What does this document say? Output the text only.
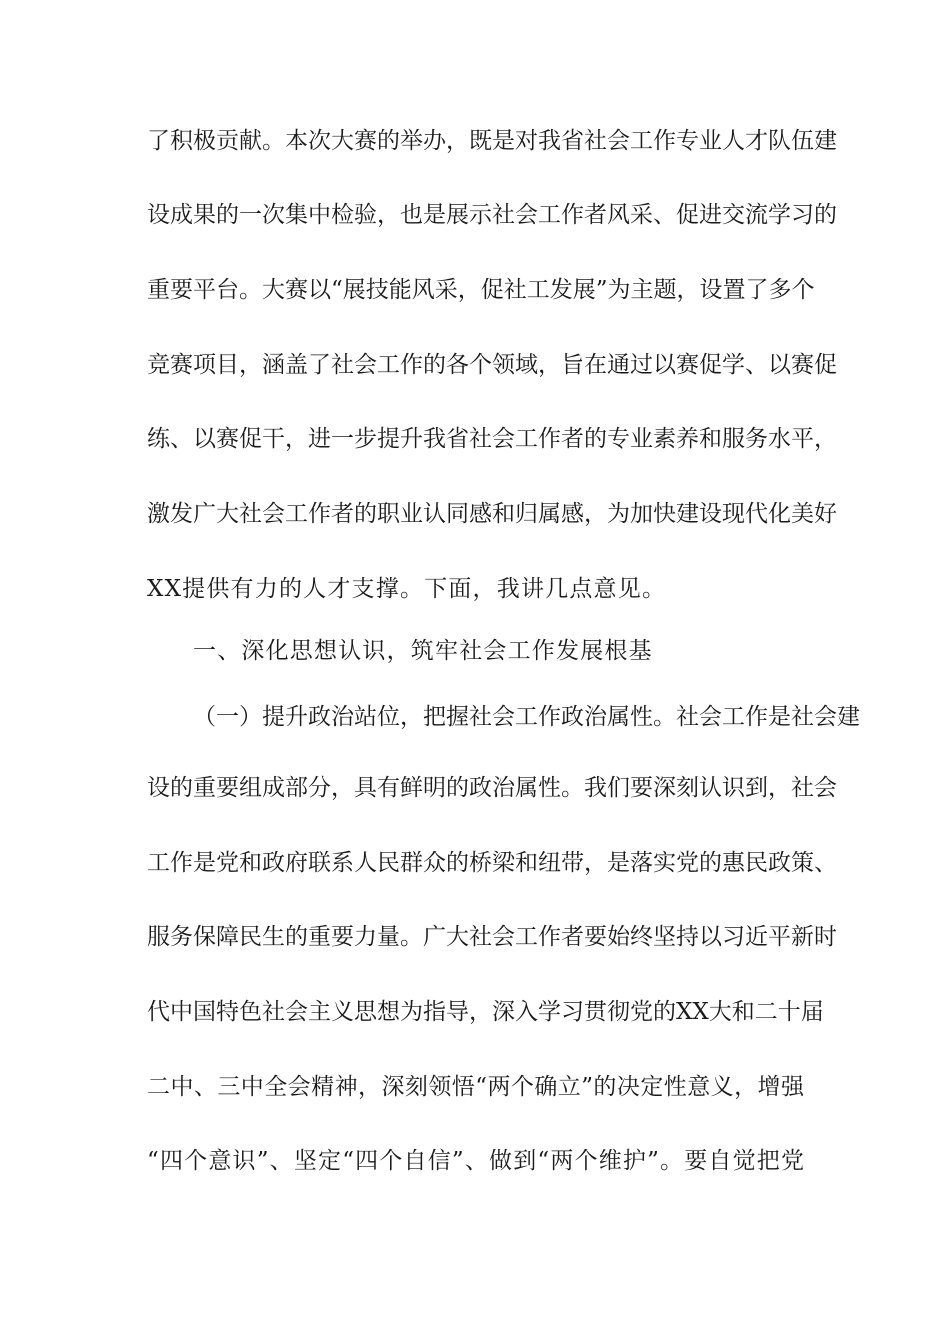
了积极贡献。本次大赛的举办，既是对我省社会工作专业人才队伍建
设成果的一次集中检验，也是展示社会工作者风采、促进交流学习的
重要平台。大赛以“展技能风采，促社工发展”为主题，设置了多个
竞赛项目，涵盖了社会工作的各个领域，旨在通过以赛促学、以赛促
练、以赛促干，进一步提升我省社会工作者的专业素养和服务水平，
激发广大社会工作者的职业认同感和归属感，为加快建设现代化美好
XX提供有力的人才支撑。下面，我讲几点意见。
一、深化思想认识，筑牢社会工作发展根基
（一）提升政治站位，把握社会工作政治属性。社会工作是社会建
设的重要组成部分，具有鲜明的政治属性。我们要深刻认识到，社会
工作是党和政府联系人民群众的桥梁和纽带，是落实党的惠民政策、
服务保障民生的重要力量。广大社会工作者要始终坚持以习近平新时
代中国特色社会主义思想为指导，深入学习贯彻党的XX大和二十届
二中、三中全会精神，深刻领悟“两个确立”的决定性意义，增强
“四个意识”、坚定“四个自信”、做到“两个维护”。要自觉把党
